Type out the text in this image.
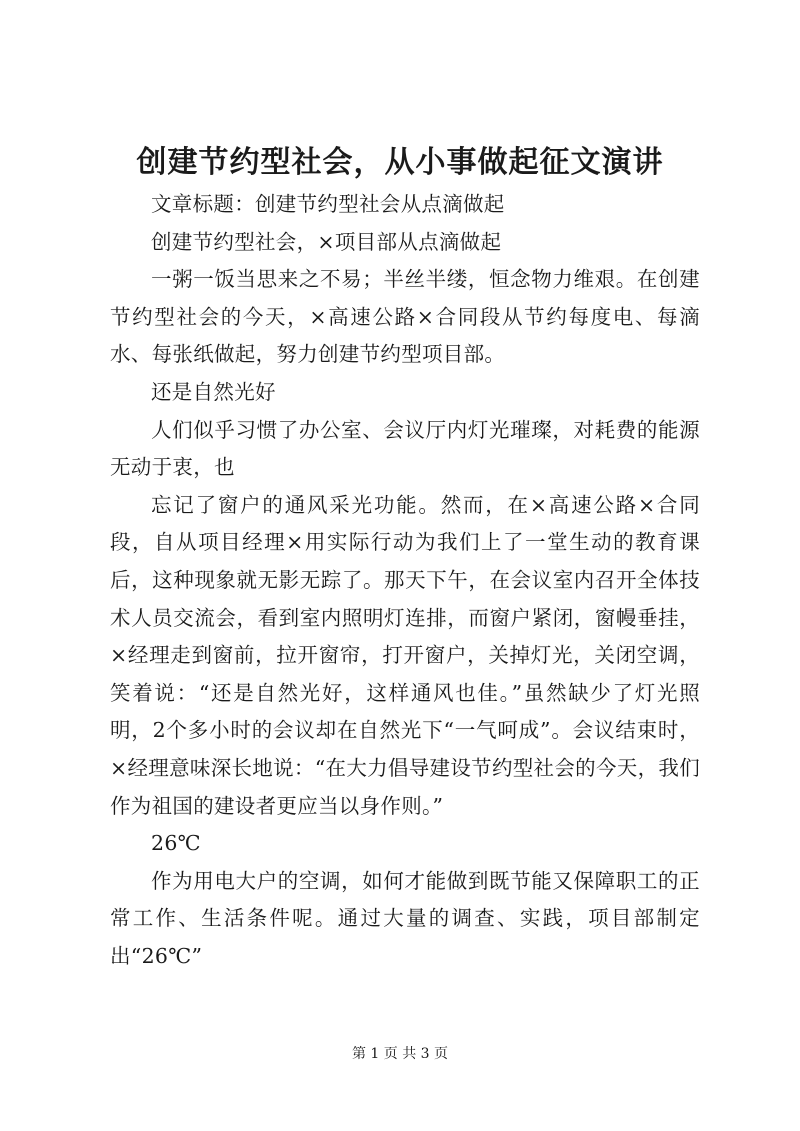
创建节约型社会，从小事做起征文演讲

文章标题：创建节约型社会从点滴做起

创建节约型社会，×项目部从点滴做起

一粥一饭当思来之不易；半丝半缕，恒念物力维艰。在创建节约型社会的今天，×高速公路×合同段从节约每度电、每滴水、每张纸做起，努力创建节约型项目部。

还是自然光好

人们似乎习惯了办公室、会议厅内灯光璀璨，对耗费的能源无动于衷，也

忘记了窗户的通风采光功能。然而，在×高速公路×合同段，自从项目经理×用实际行动为我们上了一堂生动的教育课后，这种现象就无影无踪了。那天下午，在会议室内召开全体技术人员交流会，看到室内照明灯连排，而窗户紧闭，窗幔垂挂，×经理走到窗前，拉开窗帘，打开窗户，关掉灯光，关闭空调，笑着说：“还是自然光好，这样通风也佳。”虽然缺少了灯光照明，2个多小时的会议却在自然光下“一气呵成”。会议结束时，×经理意味深长地说：“在大力倡导建设节约型社会的今天，我们作为祖国的建设者更应当以身作则。”

26℃

作为用电大户的空调，如何才能做到既节能又保障职工的正常工作、生活条件呢。通过大量的调查、实践，项目部制定出“26℃”

第 1 页 共 3 页
